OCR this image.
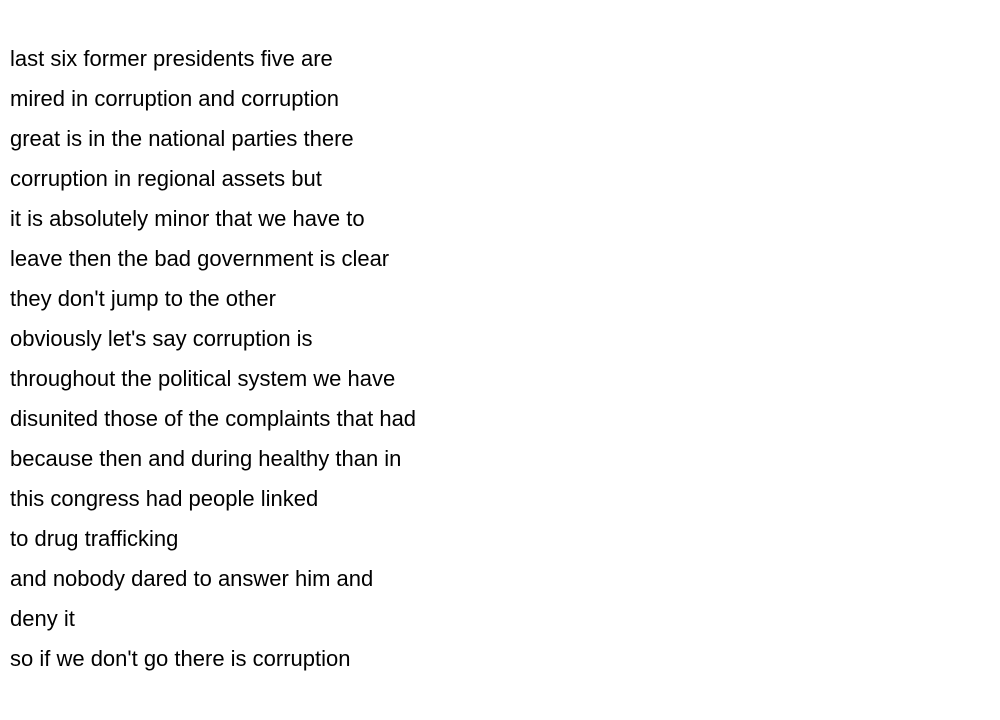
last six former presidents five are
mired in corruption and corruption
great is in the national parties there
corruption in regional assets but
it is absolutely minor that we have to
leave then the bad government is clear
they don't jump to the other
obviously let's say corruption is
throughout the political system we have
disunited those of the complaints that had
because then and during healthy than in
this congress had people linked
to drug trafficking
and nobody dared to answer him and
deny it
so if we don't go there is corruption
